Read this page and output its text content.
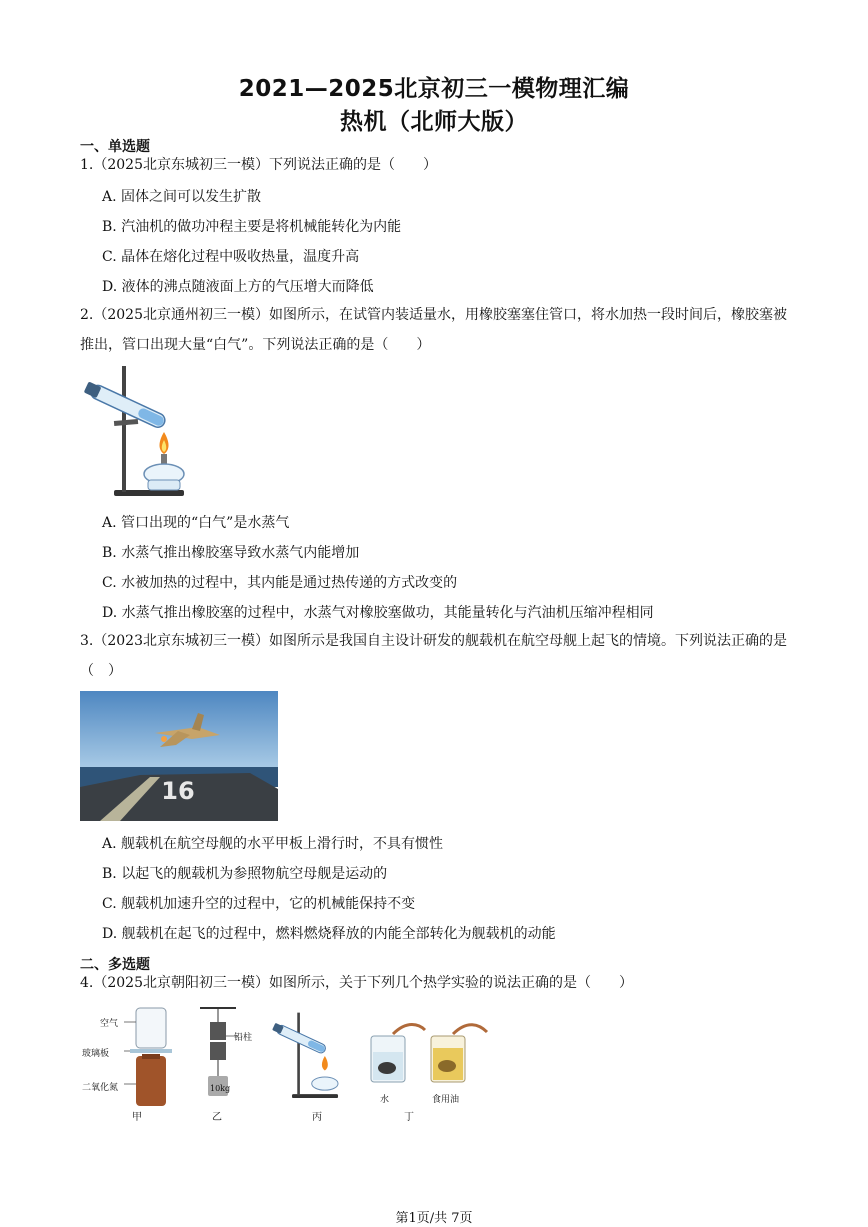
2021—2025北京初三一模物理汇编
热机（北师大版）
一、单选题
1.（2025北京东城初三一模）下列说法正确的是（　　）
A. 固体之间可以发生扩散
B. 汽油机的做功冲程主要是将机械能转化为内能
C. 晶体在熔化过程中吸收热量，温度升高
D. 液体的沸点随液面上方的气压增大而降低
2.（2025北京通州初三一模）如图所示，在试管内装适量水，用橡胶塞塞住管口，将水加热一段时间后，橡胶塞被推出，管口出现大量“白气”。下列说法正确的是（　　）
A. 管口出现的“白气”是水蒸气
B. 水蒸气推出橡胶塞导致水蒸气内能增加
C. 水被加热的过程中，其内能是通过热传递的方式改变的
D. 水蒸气推出橡胶塞的过程中，水蒸气对橡胶塞做功，其能量转化与汽油机压缩冲程相同
3.（2023北京东城初三一模）如图所示是我国自主设计研发的舰载机在航空母舰上起飞的情境。下列说法正确的是（　）
16
A. 舰载机在航空母舰的水平甲板上滑行时，不具有惯性
B. 以起飞的舰载机为参照物航空母舰是运动的
C. 舰载机加速升空的过程中，它的机械能保持不变
D. 舰载机在起飞的过程中，燃料燃烧释放的内能全部转化为舰载机的动能
二、多选题
4.（2025北京朝阳初三一模）如图所示，关于下列几个热学实验的说法正确的是（　　）
空气
玻璃板
二氧化氮
甲
铅柱
10kg
乙	丙
水	食用油
丁
第1页/共 7页
